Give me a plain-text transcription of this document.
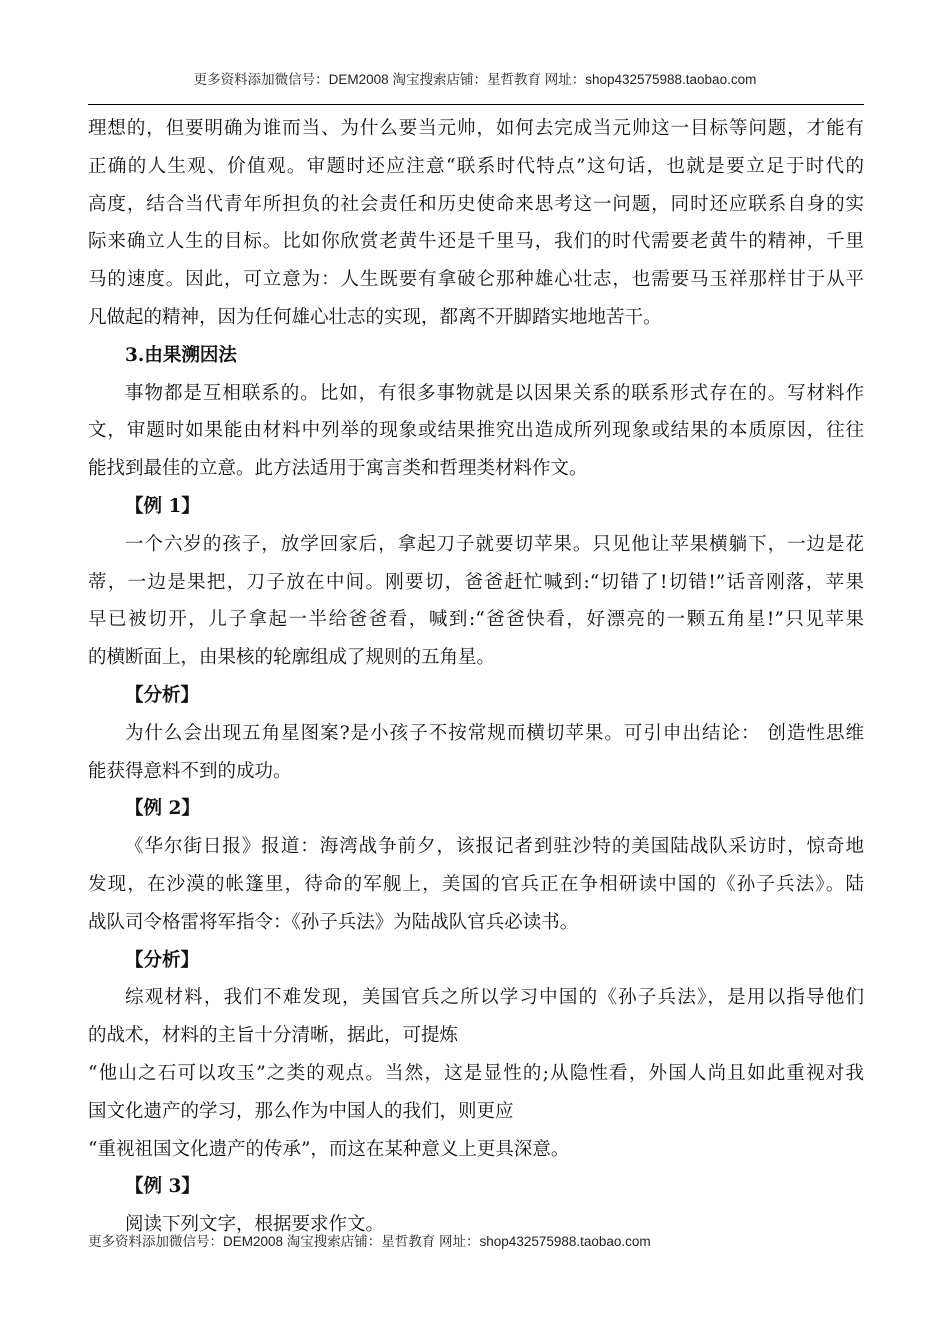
更多资料添加微信号：DEM2008 淘宝搜索店铺：星哲教育 网址：shop432575988.taobao.com
理想的，但要明确为谁而当、为什么要当元帅，如何去完成当元帅这一目标等问题，才能有
正确的人生观、价值观。审题时还应注意“联系时代特点”这句话，也就是要立足于时代的
高度，结合当代青年所担负的社会责任和历史使命来思考这一问题，同时还应联系自身的实
际来确立人生的目标。比如你欣赏老黄牛还是千里马，我们的时代需要老黄牛的精神，千里
马的速度。因此，可立意为：人生既要有拿破仑那种雄心壮志，也需要马玉祥那样甘于从平
凡做起的精神，因为任何雄心壮志的实现，都离不开脚踏实地地苦干。
3.由果溯因法
事物都是互相联系的。比如，有很多事物就是以因果关系的联系形式存在的。写材料作
文，审题时如果能由材料中列举的现象或结果推究出造成所列现象或结果的本质原因，往往
能找到最佳的立意。此方法适用于寓言类和哲理类材料作文。
【例 1】
一个六岁的孩子，放学回家后，拿起刀子就要切苹果。只见他让苹果横躺下，一边是花
蒂，一边是果把，刀子放在中间。刚要切，爸爸赶忙喊到:“切错了!切错!”话音刚落，苹果
早已被切开，儿子拿起一半给爸爸看，喊到:“爸爸快看，好漂亮的一颗五角星!”只见苹果
的横断面上，由果核的轮廓组成了规则的五角星。
【分析】
为什么会出现五角星图案?是小孩子不按常规而横切苹果。可引申出结论： 创造性思维
能获得意料不到的成功。
【例 2】
《华尔街日报》报道：海湾战争前夕，该报记者到驻沙特的美国陆战队采访时，惊奇地
发现，在沙漠的帐篷里，待命的军舰上，美国的官兵正在争相研读中国的《孙子兵法》。陆
战队司令格雷将军指令：《孙子兵法》为陆战队官兵必读书。
【分析】
综观材料，我们不难发现，美国官兵之所以学习中国的《孙子兵法》，是用以指导他们
的战术，材料的主旨十分清晰，据此，可提炼
“他山之石可以攻玉”之类的观点。当然，这是显性的;从隐性看，外国人尚且如此重视对我
国文化遗产的学习，那么作为中国人的我们，则更应
“重视祖国文化遗产的传承”，而这在某种意义上更具深意。
【例 3】
阅读下列文字，根据要求作文。
更多资料添加微信号：DEM2008 淘宝搜索店铺：星哲教育 网址：shop432575988.taobao.com
